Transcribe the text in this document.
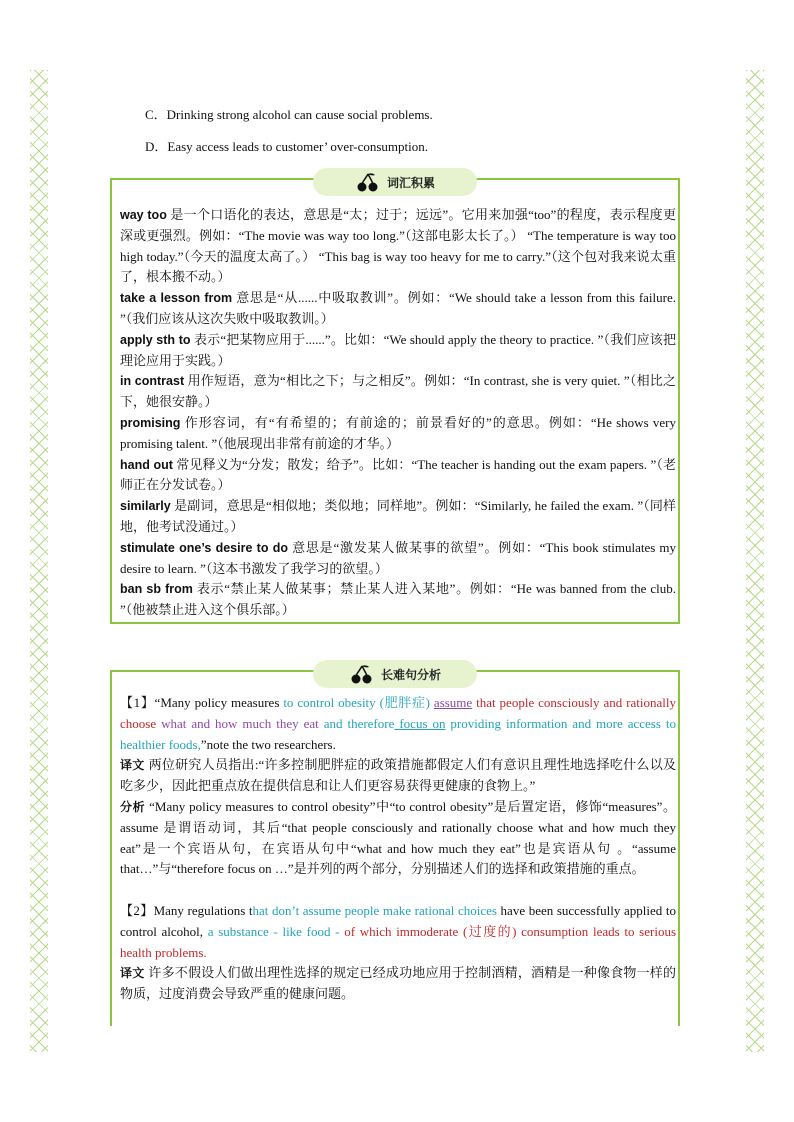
C．Drinking strong alcohol can cause social problems.
D．Easy access leads to customer’ over-consumption.
词汇积累

way too 是一个口语化的表达，意思是“太；过于；远远”。它用来加强“too”的程度，表示程度更深或更强烈。例如：“The movie was way too long.”（这部电影太长了。） “The temperature is way too high today.”（今天的温度太高了。） “This bag is way too heavy for me to carry.”（这个包对我来说太重了，根本搬不动。）

take a lesson from 意思是“从......中吸取教训”。例如：“We should take a lesson from this failure. ”（我们应该从这次失败中吸取教训。）

apply sth to 表示“把某物应用于......”。比如：“We should apply the theory to practice. ”（我们应该把理论应用于实践。）

in contrast 用作短语，意为“相比之下；与之相反”。例如：“In contrast, she is very quiet. ”（相比之下，她很安静。）

promising 作形容词，有“有希望的；有前途的；前景看好的”的意思。例如：“He shows very promising talent. ”（他展现出非常有前途的才华。）

hand out 常见释义为“分发；散发；给予”。比如：“The teacher is handing out the exam papers. ”（老师正在分发试卷。）

similarly 是副词，意思是“相似地；类似地；同样地”。例如：“Similarly, he failed the exam. ”（同样地，他考试没通过。）

stimulate one’s desire to do 意思是“激发某人做某事的欲望”。例如：“This book stimulates my desire to learn. ”（这本书激发了我学习的欲望。）

ban sb from 表示“禁止某人做某事；禁止某人进入某地”。例如：“He was banned from the club. ”（他被禁止进入这个俱乐部。）

长难句分析

【1】“Many policy measures to control obesity (肥胖症) assume that people consciously and rationally choose what and how much they eat and therefore focus on providing information and more access to healthier foods,”note the two researchers.

译文 两位研究人员指出:“许多控制肥胖症的政策措施都假定人们有意识且理性地选择吃什么以及吃多少，因此把重点放在提供信息和让人们更容易获得更健康的食物上。”

分析 “Many policy measures to control obesity”中“to control obesity”是后置定语，修饰“measures”。assume 是谓语动词，其后“that people consciously and rationally choose what and how much they eat”是一个宾语从句，在宾语从句中“what and how much they eat”也是宾语从句 。“assume that…”与“therefore focus on …”是并列的两个部分，分别描述人们的选择和政策措施的重点。

【2】Many regulations that don’t assume people make rational choices have been successfully applied to control alcohol, a substance - like food - of which immoderate (过度的) consumption leads to serious health problems.

译文 许多不假设人们做出理性选择的规定已经成功地应用于控制酒精，酒精是一种像食物一样的物质，过度消费会导致严重的健康问题。
